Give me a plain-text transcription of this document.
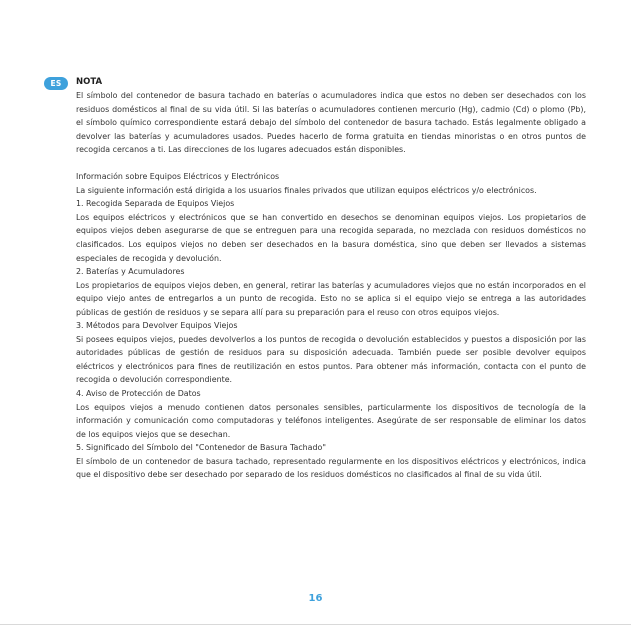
ES	NOTA

El símbolo del contenedor de basura tachado en baterías o acumuladores indica que estos no deben ser desechados con los residuos domésticos al final de su vida útil. Si las baterías o acumuladores contienen mercurio (Hg), cadmio (Cd) o plomo (Pb), el símbolo químico correspondiente estará debajo del símbolo del contenedor de basura tachado. Estás legalmente obligado a devolver las baterías y acumuladores usados. Puedes hacerlo de forma gratuita en tiendas minoristas o en otros puntos de recogida cercanos a ti. Las direcciones de los lugares adecuados están disponibles.

Información sobre Equipos Eléctricos y Electrónicos

La siguiente información está dirigida a los usuarios finales privados que utilizan equipos eléctricos y/o electrónicos.

1. Recogida Separada de Equipos Viejos

Los equipos eléctricos y electrónicos que se han convertido en desechos se denominan equipos viejos. Los propietarios de equipos viejos deben asegurarse de que se entreguen para una recogida separada, no mezclada con residuos domésticos no clasificados. Los equipos viejos no deben ser desechados en la basura doméstica, sino que deben ser llevados a sistemas especiales de recogida y devolución.

2. Baterías y Acumuladores

Los propietarios de equipos viejos deben, en general, retirar las baterías y acumuladores viejos que no están incorporados en el equipo viejo antes de entregarlos a un punto de recogida. Esto no se aplica si el equipo viejo se entrega a las autoridades públicas de gestión de residuos y se separa allí para su preparación para el reuso con otros equipos viejos.

3. Métodos para Devolver Equipos Viejos

Si posees equipos viejos, puedes devolverlos a los puntos de recogida o devolución establecidos y puestos a disposición por las autoridades públicas de gestión de residuos para su disposición adecuada. También puede ser posible devolver equipos eléctricos y electrónicos para fines de reutilización en estos puntos. Para obtener más información, contacta con el punto de recogida o devolución correspondiente.

4. Aviso de Protección de Datos

Los equipos viejos a menudo contienen datos personales sensibles, particularmente los dispositivos de tecnología de la información y comunicación como computadoras y teléfonos inteligentes. Asegúrate de ser responsable de eliminar los datos de los equipos viejos que se desechan.

5. Significado del Símbolo del "Contenedor de Basura Tachado"

El símbolo de un contenedor de basura tachado, representado regularmente en los dispositivos eléctricos y electrónicos, indica que el dispositivo debe ser desechado por separado de los residuos domésticos no clasificados al final de su vida útil.

16
